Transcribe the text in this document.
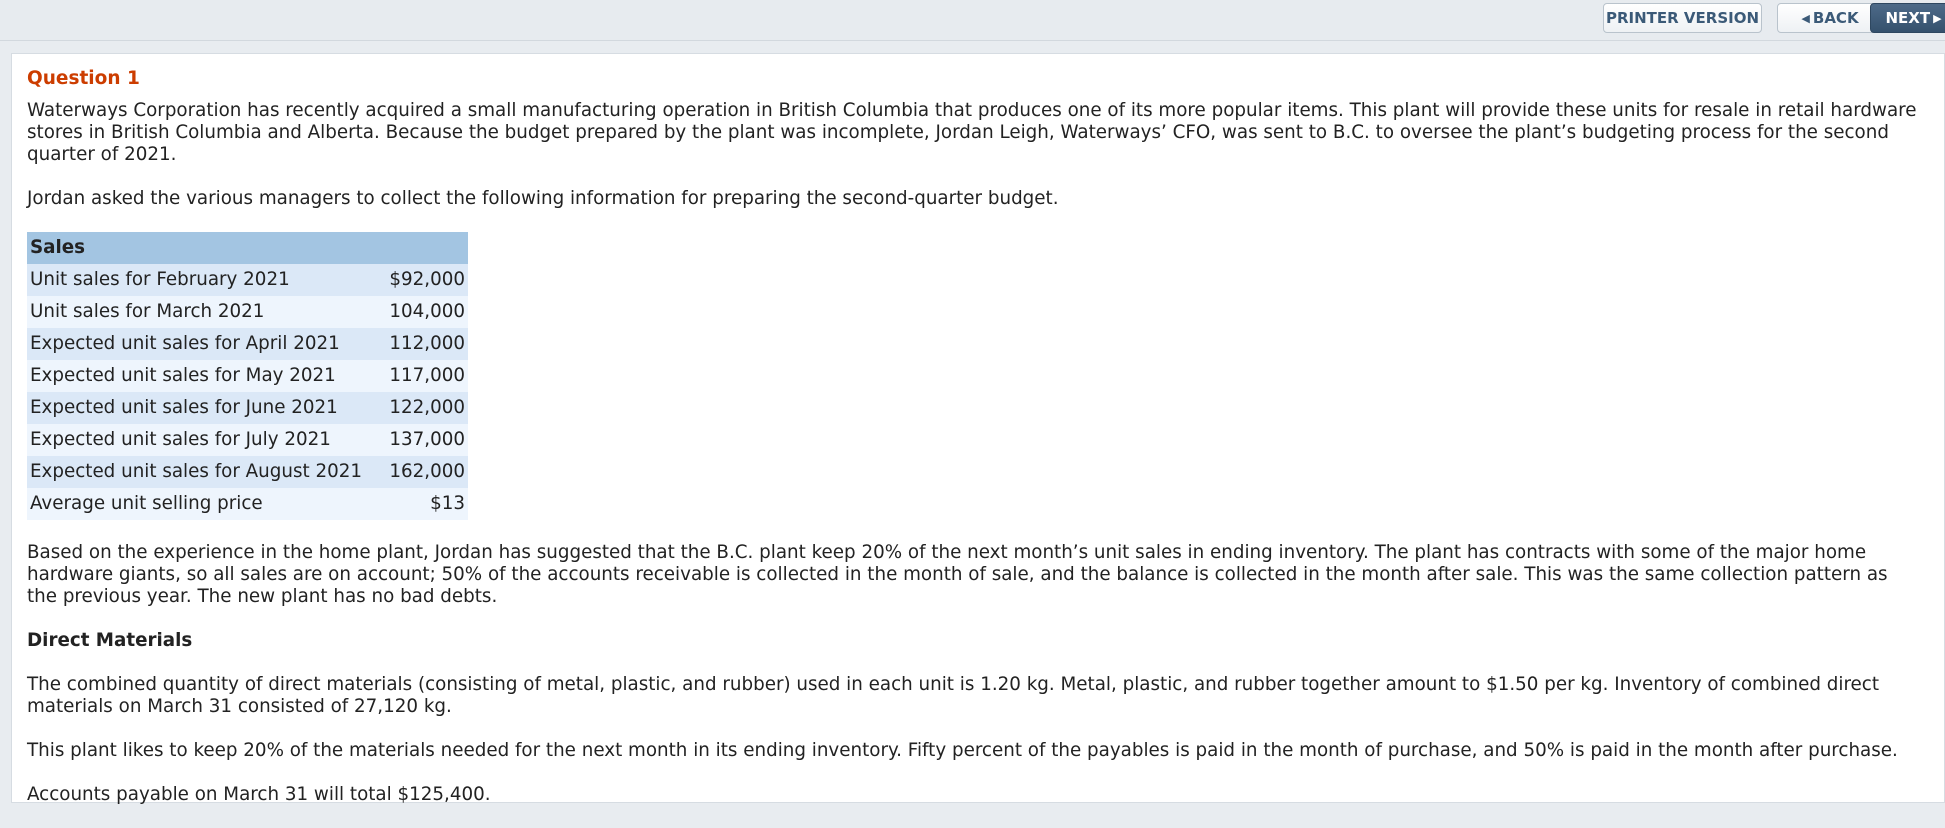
PRINTER VERSION	◀ BACK	NEXT ▶
Question 1

Waterways Corporation has recently acquired a small manufacturing operation in British Columbia that produces one of its more popular items. This plant will provide these units for resale in retail hardware stores in British Columbia and Alberta. Because the budget prepared by the plant was incomplete, Jordan Leigh, Waterways’ CFO, was sent to B.C. to oversee the plant’s budgeting process for the second quarter of 2021.

Jordan asked the various managers to collect the following information for preparing the second-quarter budget.

Sales	
Unit sales for February 2021	$92,000
Unit sales for March 2021	104,000
Expected unit sales for April 2021	112,000
Expected unit sales for May 2021	117,000
Expected unit sales for June 2021	122,000
Expected unit sales for July 2021	137,000
Expected unit sales for August 2021	162,000
Average unit selling price	$13

Based on the experience in the home plant, Jordan has suggested that the B.C. plant keep 20% of the next month’s unit sales in ending inventory. The plant has contracts with some of the major home hardware giants, so all sales are on account; 50% of the accounts receivable is collected in the month of sale, and the balance is collected in the month after sale. This was the same collection pattern as the previous year. The new plant has no bad debts.

Direct Materials

The combined quantity of direct materials (consisting of metal, plastic, and rubber) used in each unit is 1.20 kg. Metal, plastic, and rubber together amount to $1.50 per kg. Inventory of combined direct materials on March 31 consisted of 27,120 kg.

This plant likes to keep 20% of the materials needed for the next month in its ending inventory. Fifty percent of the payables is paid in the month of purchase, and 50% is paid in the month after purchase.

Accounts payable on March 31 will total $125,400.
